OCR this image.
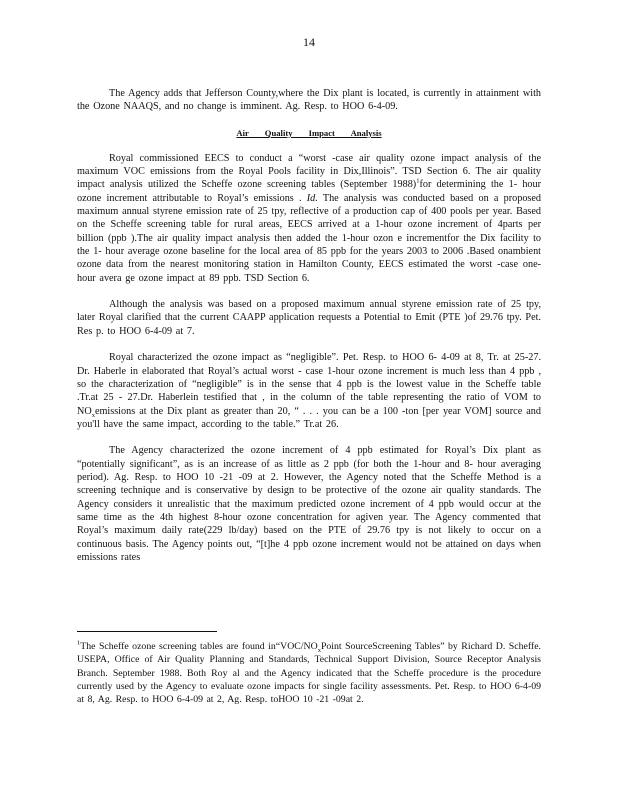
14

The Agency adds that Jefferson County,where the Dix plant is located, is currently in attainment with the Ozone NAAQS, and no change is imminent. Ag. Resp. to HOO 6-4-09.

Air Quality Impact Analysis

Royal commissioned EECS to conduct a “worst -case air quality ozone impact analysis of the maximum VOC emissions from the Royal Pools facility in Dix,Illinois”. TSD Section 6. The air quality impact analysis utilized the Scheffe ozone screening tables (September 1988)$^1$for determining the 1- hour ozone increment attributable to Royal’s emissions . Id. The analysis was conducted based on a proposed maximum annual styrene emission rate of 25 tpy, reflective of a production cap of 400 pools per year. Based on the Scheffe screening table for rural areas, EECS arrived at a 1-hour ozone increment of 4parts per billion (ppb ).The air quality impact analysis then added the 1-hour ozon e incrementfor the Dix facility to the 1- hour average ozone baseline for the local area of 85 ppb for the years 2003 to 2006 .Based onambient ozone data from the nearest monitoring station in Hamilton County, EECS estimated the worst -case one-hour avera ge ozone impact at 89 ppb. TSD Section 6.

Although the analysis was based on a proposed maximum annual styrene emission rate of 25 tpy, later Royal clarified that the current CAAPP application requests a Potential to Emit (PTE )of 29.76 tpy. Pet. Res p. to HOO 6-4-09 at 7.

Royal characterized the ozone impact as “negligible”. Pet. Resp. to HOO 6- 4-09 at 8, Tr. at 25-27. Dr. Haberle in elaborated that Royal’s actual worst - case 1-hour ozone increment is much less than 4 ppb , so the characterization of “negligible” is in the sense that 4 ppb is the lowest value in the Scheffe table .Tr.at 25 - 27.Dr. Haberlein testified that , in the column of the table representing the ratio of VOM to $NO_xemissions$ at the Dix plant as greater than 20, “ . . . you can be a 100 -ton [per year VOM] source and you'll have the same impact, according to the table.” Tr.at 26.

The Agency characterized the ozone increment of 4 ppb estimated for Royal’s Dix plant as “potentially significant”, as is an increase of as little as 2 ppb (for both the 1-hour and 8- hour averaging period). Ag. Resp. to HOO 10 -21 -09 at 2. However, the Agency noted that the Scheffe Method is a screening technique and is conservative by design to be protective of the ozone air quality standards. The Agency considers it unrealistic that the maximum predicted ozone increment of 4 ppb would occur at the same time as the 4th highest 8-hour ozone concentration for agiven year. The Agency commented that Royal’s maximum daily rate(229 lb/day) based on the PTE of 29.76 tpy is not likely to occur on a continuous basis. The Agency points out, “[t]he 4 ppb ozone increment would not be attained on days when emissions rates

$^1$The Scheffe ozone screening tables are found $in“VOC/NO_xPoint$ SourceScreening Tables” by Richard D. Scheffe. USEPA, Office of Air Quality Planning and Standards, Technical Support Division, Source Receptor Analysis Branch. September 1988. Both Roy al and the Agency indicated that the Scheffe procedure is the procedure currently used by the Agency to evaluate ozone impacts for single facility assessments. Pet. Resp. to HOO 6-4-09 at 8, Ag. Resp. to HOO 6-4-09 at 2, Ag. Resp. toHOO 10 -21 -09at 2.
